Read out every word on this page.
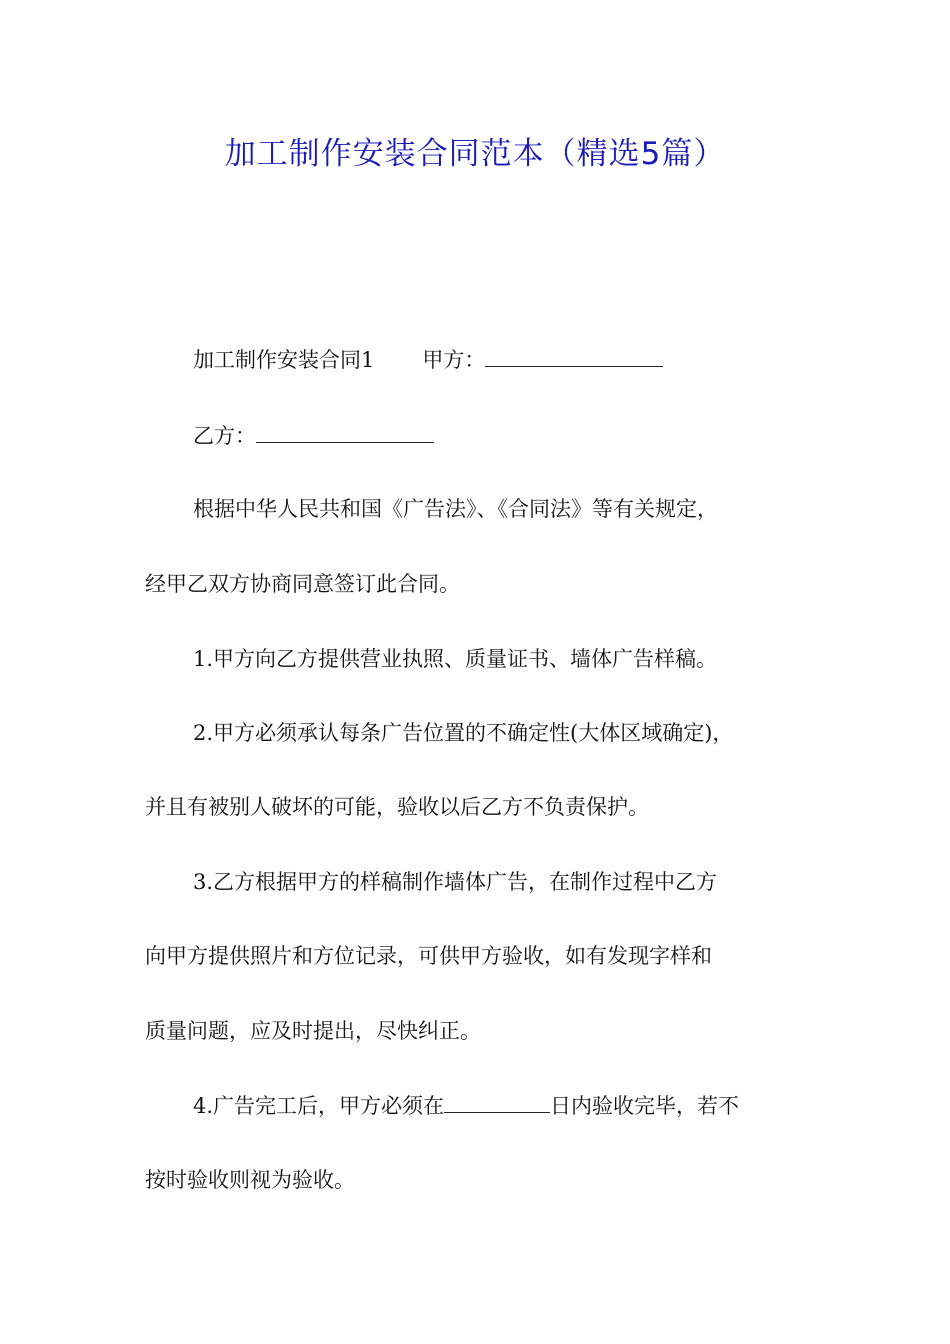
加工制作安装合同范本（精选5篇）

加工制作安装合同1 甲方：

乙方：

根据中华人民共和国《广告法》、《合同法》等有关规定，

经甲乙双方协商同意签订此合同。

1.甲方向乙方提供营业执照、质量证书、墙体广告样稿。

2.甲方必须承认每条广告位置的不确定性(大体区域确定)，

并且有被别人破坏的可能，验收以后乙方不负责保护。

3.乙方根据甲方的样稿制作墙体广告，在制作过程中乙方

向甲方提供照片和方位记录，可供甲方验收，如有发现字样和

质量问题，应及时提出，尽快纠正。

4.广告完工后，甲方必须在	日内验收完毕，若不

按时验收则视为验收。
